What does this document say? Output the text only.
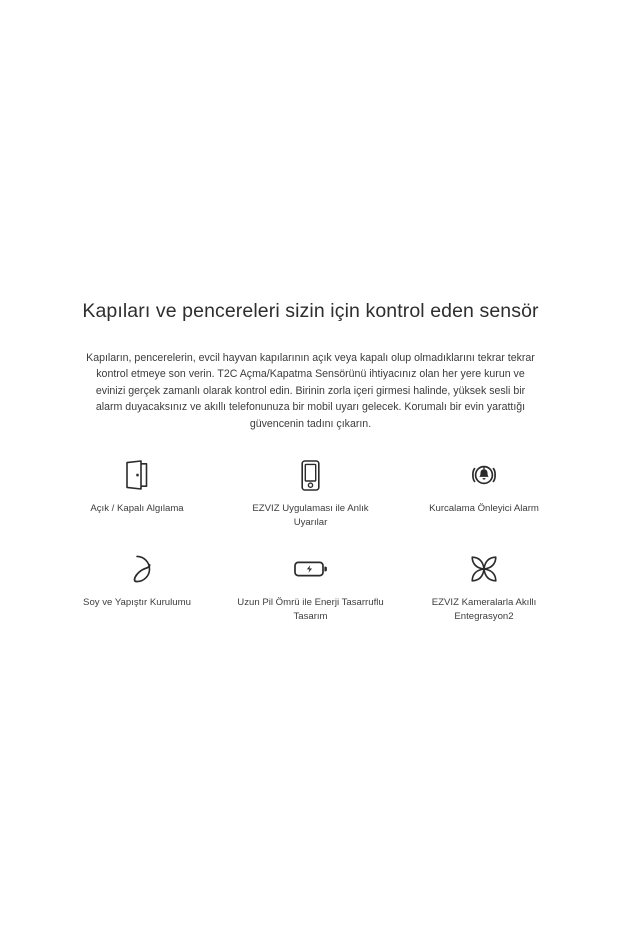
Kapıları ve pencereleri sizin için kontrol eden sensör

Kapıların, pencerelerin, evcil hayvan kapılarının açık veya kapalı olup olmadıklarını tekrar tekrar kontrol etmeye son verin. T2C Açma/Kapatma Sensörünü ihtiyacınız olan her yere kurun ve evinizi gerçek zamanlı olarak kontrol edin. Birinin zorla içeri girmesi halinde, yüksek sesli bir alarm duyacaksınız ve akıllı telefonunuza bir mobil uyarı gelecek. Korumalı bir evin yarattığı güvencenin tadını çıkarın.

Açık / Kapalı Algılama	EZVIZ Uygulaması ile Anlık Uyarılar
Kurcalama Önleyici Alarm
Soy ve Yapıştır Kurulumu	Uzun Pil Ömrü ile Enerji Tasarruflu Tasarım
EZVIZ Kameralarla Akıllı Entegrasyon2
